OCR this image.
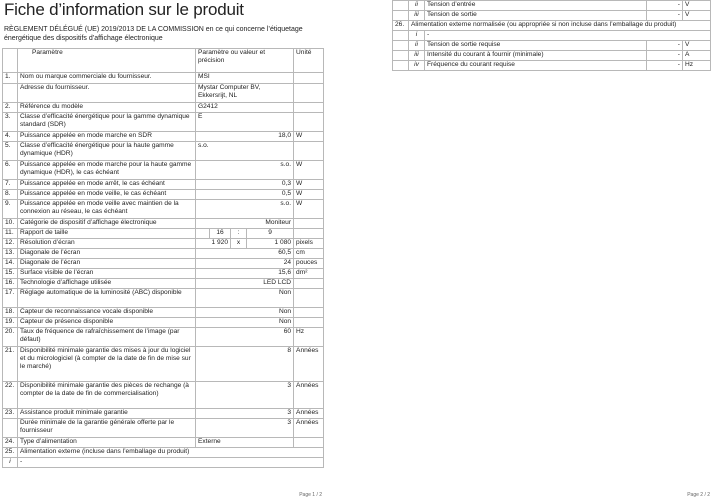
Fiche d’information sur le produit

RÈGLEMENT DÉLÉGUÉ (UE) 2019/2013 DE LA COMMISSION en ce qui concerne l’étiquetage énergétique des dispositifs d’affichage électronique

	Paramètre	Paramètre ou valeur et précision				Unité
1.	Nom ou marque commerciale du fournisseur.	MSI				
	Adresse du fournisseur.	Mystar Computer BV, Ekkersrijt, NL				
2.	Référence du modèle	G2412				
3.	Classe d’efficacité énergétique pour la gamme dynamique standard (SDR)	E				
4.	Puissance appelée en mode marche en SDR	18,0				W
5.	Classe d’efficacité énergétique pour la haute gamme dynamique (HDR)	s.o.				
6.	Puissance appelée en mode marche pour la haute gamme dynamique (HDR), le cas échéant	s.o.				W
7.	Puissance appelée en mode arrêt, le cas échéant	0,3				W
8.	Puissance appelée en mode veille, le cas échéant	0,5				W
9.	Puissance appelée en mode veille avec maintien de la connexion au réseau, le cas échéant	s.o.				W
10.	Catégorie de dispositif d’affichage électronique	Moniteur				
11.	Rapport de taille		16	:	9	
12.	Résolution d’écran	1 920		x	1 080	pixels
13.	Diagonale de l’écran	60,5				cm
14.	Diagonale de l’écran	24				pouces
15.	Surface visible de l’écran	15,6				dm²
16.	Technologie d’affichage utilisée	LED LCD				
17.	Réglage automatique de la luminosité (ABC) disponible	Non				
18.	Capteur de reconnaissance vocale disponible	Non				
19.	Capteur de présence disponible	Non				
20.	Taux de fréquence de rafraîchissement de l’image (par défaut)	60				Hz
21.	Disponibilité minimale garantie des mises à jour du logiciel et du micrologiciel (à compter de la date de fin de mise sur le marché)	8				Années
22.	Disponibilité minimale garantie des pièces de rechange (à compter de la date de fin de commercialisation)	3				Années
23.	Assistance produit minimale garantie	3				Années
	Durée minimale de la garantie générale offerte par le fournisseur	3				Années
24.	Type d’alimentation	Externe				
25.	Alimentation externe (incluse dans l’emballage du produit)					
i	-					
Page 1 / 2
	ii	Tension d’entrée	-	V
	iii	Tension de sortie	-	V
26.	Alimentation externe normalisée (ou appropriée si non incluse dans l’emballage du produit)			
	i	-		
	ii	Tension de sortie requise	-	V
	iii	Intensité du courant à fournir (minimale)	-	A
	iv	Fréquence du courant requise	-	Hz
Page 2 / 2
